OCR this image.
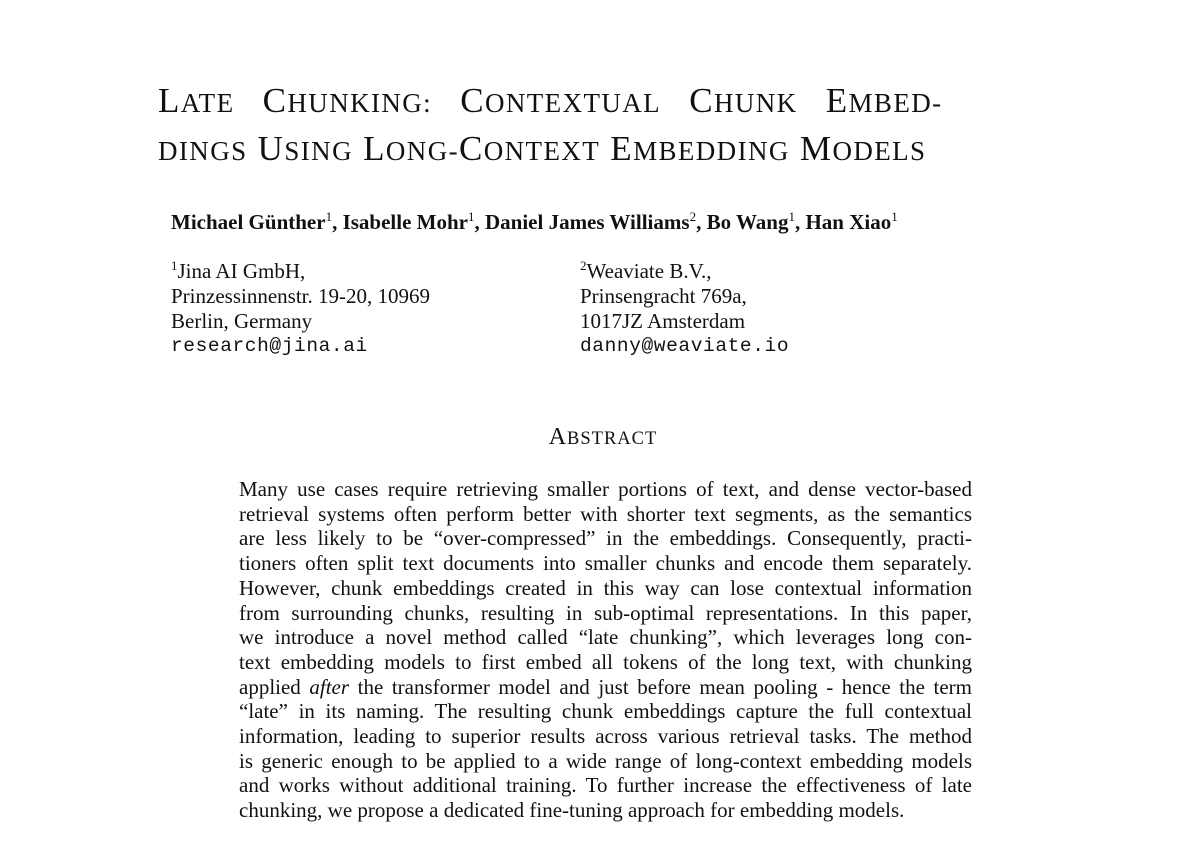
LATE CHUNKING: CONTEXTUAL CHUNK EMBED-
DINGS USING LONG-CONTEXT EMBEDDING MODELS
Michael Günther$^1$, Isabelle Mohr$^1$, Daniel James Williams$^2$, Bo Wang$^1$, Han Xiao$^1$
$^1$Jina AI GmbH,
Prinzessinnenstr. 19-20, 10969
Berlin, Germany
research@jina.ai
$^2$Weaviate B.V.,
Prinsengracht 769a,
1017JZ Amsterdam
danny@weaviate.io
ABSTRACT
Many use cases require retrieving smaller portions of text, and dense vector-based
retrieval systems often perform better with shorter text segments, as the semantics
are less likely to be “over-compressed” in the embeddings. Consequently, practi-
tioners often split text documents into smaller chunks and encode them separately.
However, chunk embeddings created in this way can lose contextual information
from surrounding chunks, resulting in sub-optimal representations. In this paper,
we introduce a novel method called “late chunking”, which leverages long con-
text embedding models to first embed all tokens of the long text, with chunking
applied after the transformer model and just before mean pooling - hence the term
“late” in its naming. The resulting chunk embeddings capture the full contextual
information, leading to superior results across various retrieval tasks. The method
is generic enough to be applied to a wide range of long-context embedding models
and works without additional training. To further increase the effectiveness of late
chunking, we propose a dedicated fine-tuning approach for embedding models.
